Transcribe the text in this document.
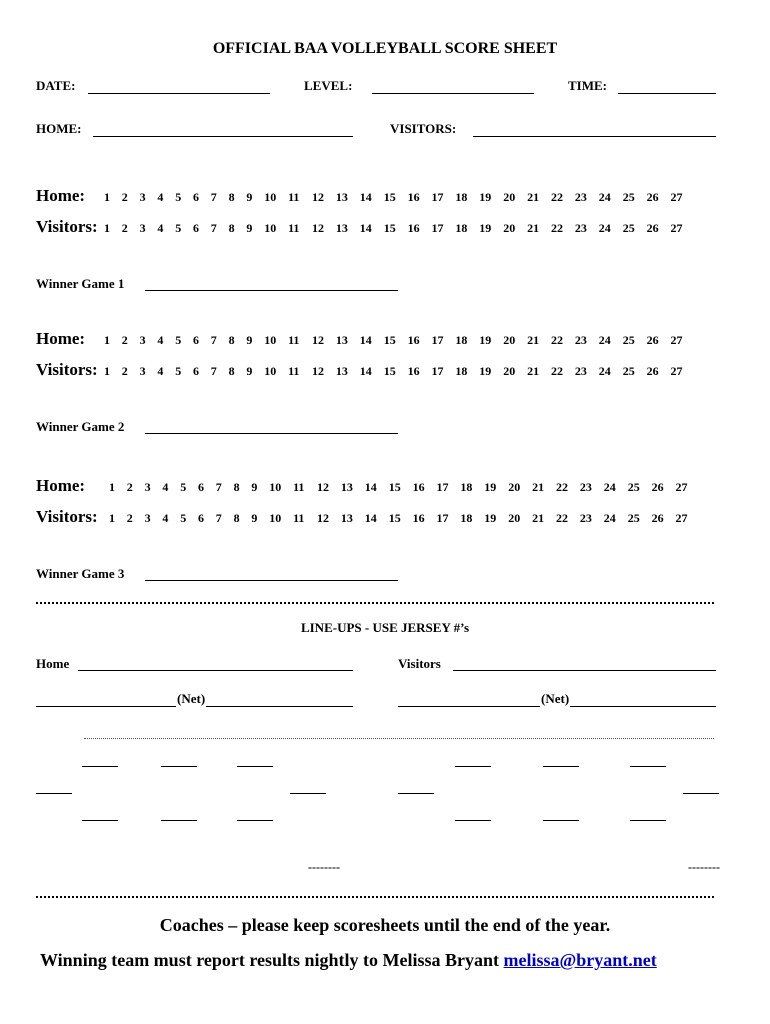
OFFICIAL BAA VOLLEYBALL SCORE SHEET
DATE:	LEVEL:	TIME:
HOME:	VISITORS:
Home: 1 2 3 4 5 6 7 8 9 10 11 12 13 14 15 16 17 18 19 20 21 22 23 24 25 26 27
Visitors: 1 2 3 4 5 6 7 8 9 10 11 12 13 14 15 16 17 18 19 20 21 22 23 24 25 26 27
Winner Game 1
Home: 1 2 3 4 5 6 7 8 9 10 11 12 13 14 15 16 17 18 19 20 21 22 23 24 25 26 27
Visitors: 1 2 3 4 5 6 7 8 9 10 11 12 13 14 15 16 17 18 19 20 21 22 23 24 25 26 27
Winner Game 2
Home: 1 2 3 4 5 6 7 8 9 10 11 12 13 14 15 16 17 18 19 20 21 22 23 24 25 26 27
Visitors: 1 2 3 4 5 6 7 8 9 10 11 12 13 14 15 16 17 18 19 20 21 22 23 24 25 26 27
Winner Game 3
LINE-UPS - USE JERSEY #’s
Home	Visitors
(Net)	(Net)
--------	--------
Coaches – please keep scoresheets until the end of the year.
Winning team must report results nightly to Melissa Bryant melissa@bryant.net
